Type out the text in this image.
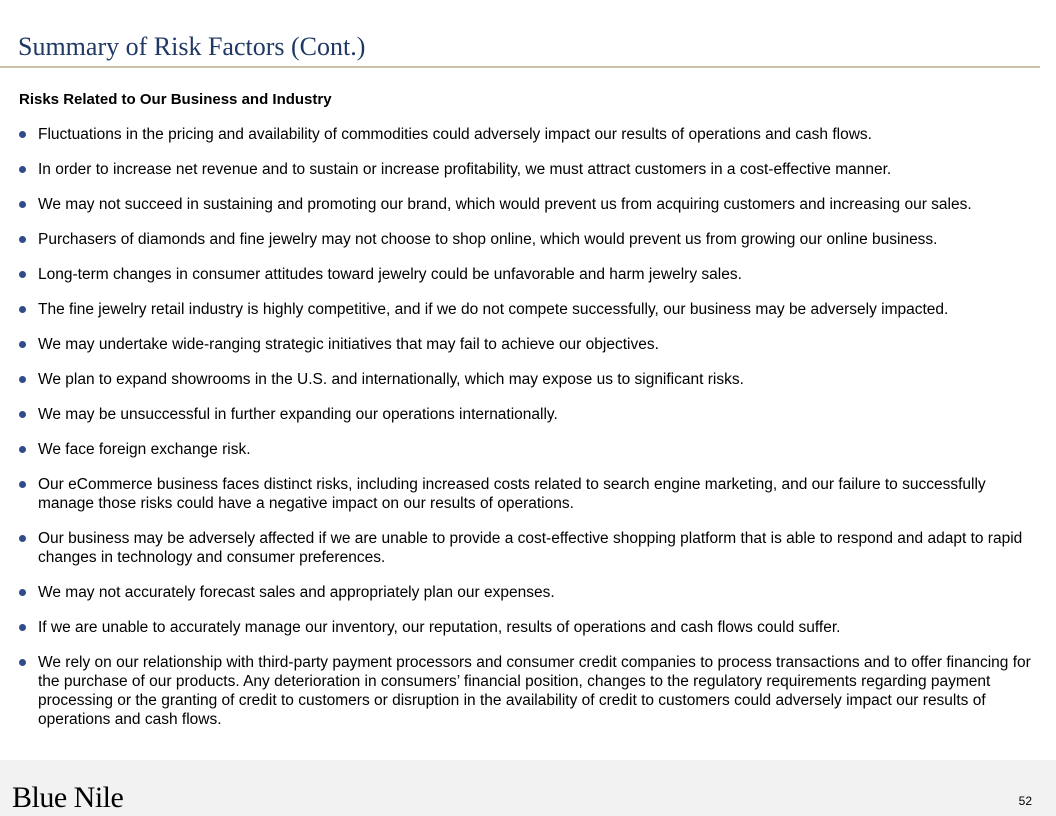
Summary of Risk Factors (Cont.)
Risks Related to Our Business and Industry
Fluctuations in the pricing and availability of commodities could adversely impact our results of operations and cash flows.
In order to increase net revenue and to sustain or increase profitability, we must attract customers in a cost-effective manner.
We may not succeed in sustaining and promoting our brand, which would prevent us from acquiring customers and increasing our sales.
Purchasers of diamonds and fine jewelry may not choose to shop online, which would prevent us from growing our online business.
Long-term changes in consumer attitudes toward jewelry could be unfavorable and harm jewelry sales.
The fine jewelry retail industry is highly competitive, and if we do not compete successfully, our business may be adversely impacted.
We may undertake wide-ranging strategic initiatives that may fail to achieve our objectives.
We plan to expand showrooms in the U.S. and internationally, which may expose us to significant risks.
We may be unsuccessful in further expanding our operations internationally.
We face foreign exchange risk.
Our eCommerce business faces distinct risks, including increased costs related to search engine marketing, and our failure to successfully manage those risks could have a negative impact on our results of operations.
Our business may be adversely affected if we are unable to provide a cost-effective shopping platform that is able to respond and adapt to rapid changes in technology and consumer preferences.
We may not accurately forecast sales and appropriately plan our expenses.
If we are unable to accurately manage our inventory, our reputation, results of operations and cash flows could suffer.
We rely on our relationship with third-party payment processors and consumer credit companies to process transactions and to offer financing for the purchase of our products. Any deterioration in consumers’ financial position, changes to the regulatory requirements regarding payment processing or the granting of credit to customers or disruption in the availability of credit to customers could adversely impact our results of operations and cash flows.
Blue Nile	52
